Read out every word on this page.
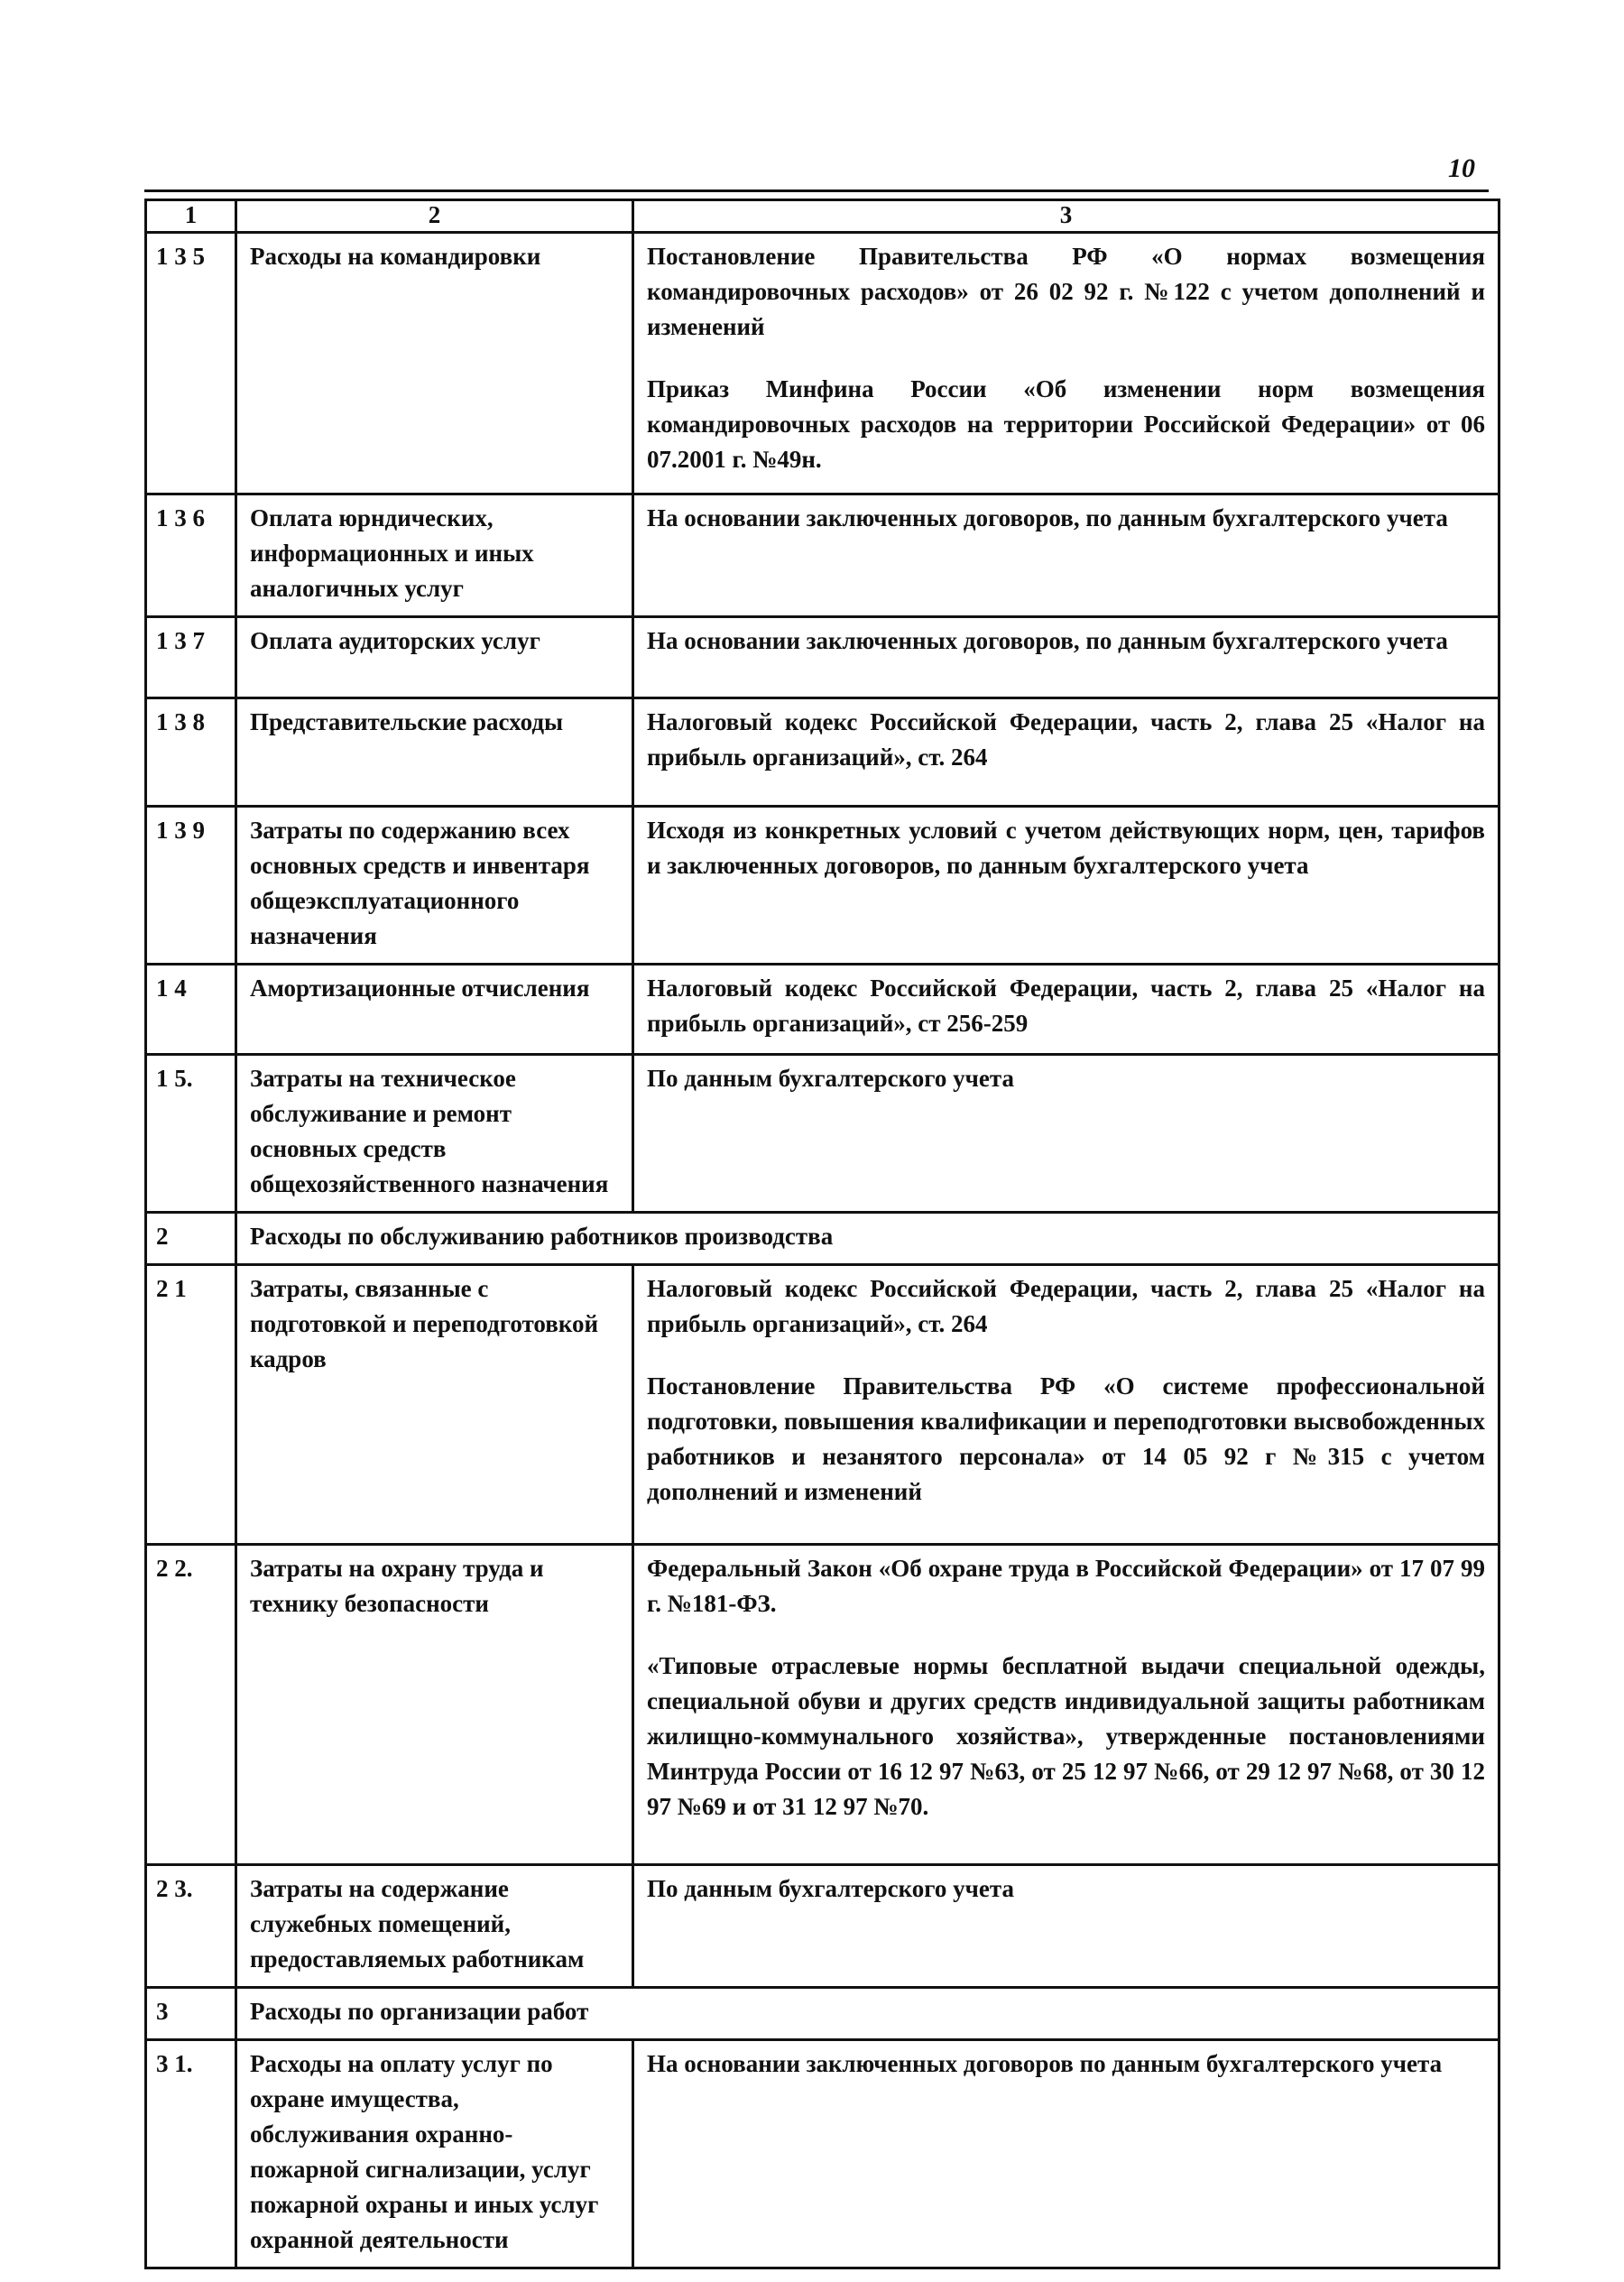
10
1	2	3
1 3 5	Расходы на командировки	Постановление Правительства РФ «О нормах возмещения командировочных расходов» от 26 02 92 г. №122 с учетом дополнений и изменений

Приказ Минфина России «Об изменении норм возмещения командировочных расходов на территории Российской Федерации» от 06 07.2001 г. №49н.

1 3 6	Оплата юрндических, информационных и иных аналогичных услуг	На основании заключенных договоров, по данным бухгалтерского учета

1 3 7	Оплата аудиторских услуг	На основании заключенных договоров, по данным бухгалтерского учета

1 3 8	Представительские расходы	Налоговый кодекс Российской Федерации, часть 2, глава 25 «Налог на прибыль организаций», ст. 264

1 3 9	Затраты по содержанию всех основных средств и инвентаря общеэксплуатационного назначения	Исходя из конкретных условий с учетом действующих норм, цен, тарифов и заключенных договоров, по данным бухгалтерского учета

1 4	Амортизационные отчисления	Налоговый кодекс Российской Федерации, часть 2, глава 25 «Налог на прибыль организаций», ст 256-259

1 5.	Затраты на техническое обслуживание и ремонт основных средств общехозяйственного назначения	По данным бухгалтерского учета

2	Расходы по обслуживанию работников производства	
2 1	Затраты, связанные с подготовкой и переподготовкой кадров	Налоговый кодекс Российской Федерации, часть 2, глава 25 «Налог на прибыль организаций», ст. 264

Постановление Правительства РФ «О системе профессиональной подготовки, повышения квалификации и переподготовки высвобожденных работников и незанятого персонала» от 14 05 92 г №315 с учетом дополнений и изменений

2 2.	Затраты на охрану труда и технику безопасности	Федеральный Закон «Об охране труда в Российской Федерации» от 17 07 99 г. №181-ФЗ.

«Типовые отраслевые нормы бесплатной выдачи специальной одежды, специальной обуви и других средств индивидуальной защиты работникам жилищно-коммунального хозяйства», утвержденные постановлениями Минтруда России от 16 12 97 №63, от 25 12 97 №66, от 29 12 97 №68, от 30 12 97 №69 и от 31 12 97 №70.

2 3.	Затраты на содержание служебных помещений, предоставляемых работникам	По данным бухгалтерского учета

3	Расходы по организации работ	
3 1.	Расходы на оплату услуг по охране имущества, обслуживания охранно-пожарной сигнализации, услуг пожарной охраны и иных услуг охранной деятельности	На основании заключенных договоров по данным бухгалтерского учета
